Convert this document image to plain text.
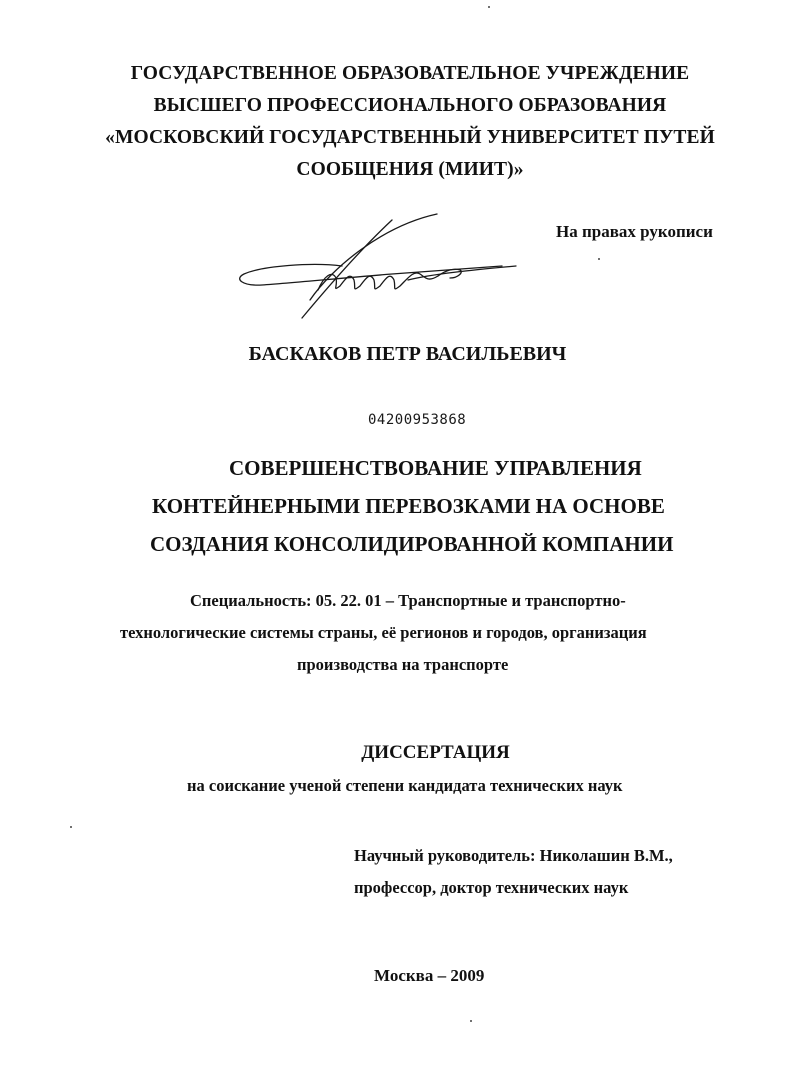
ГОСУДАРСТВЕННОЕ ОБРАЗОВАТЕЛЬНОЕ УЧРЕЖДЕНИЕ
ВЫСШЕГО ПРОФЕССИОНАЛЬНОГО ОБРАЗОВАНИЯ
«МОСКОВСКИЙ ГОСУДАРСТВЕННЫЙ УНИВЕРСИТЕТ ПУТЕЙ
СООБЩЕНИЯ (МИИТ)»
На правах рукописи
БАСКАКОВ ПЕТР ВАСИЛЬЕВИЧ
04200953868
СОВЕРШЕНСТВОВАНИЕ УПРАВЛЕНИЯ
КОНТЕЙНЕРНЫМИ ПЕРЕВОЗКАМИ НА ОСНОВЕ
СОЗДАНИЯ КОНСОЛИДИРОВАННОЙ КОМПАНИИ
Специальность: 05. 22. 01 – Транспортные и транспортно-
технологические системы страны, её регионов и городов, организация
производства на транспорте
ДИССЕРТАЦИЯ
на соискание ученой степени кандидата технических наук
Научный руководитель: Николашин В.М.,
профессор, доктор технических наук
Москва – 2009
